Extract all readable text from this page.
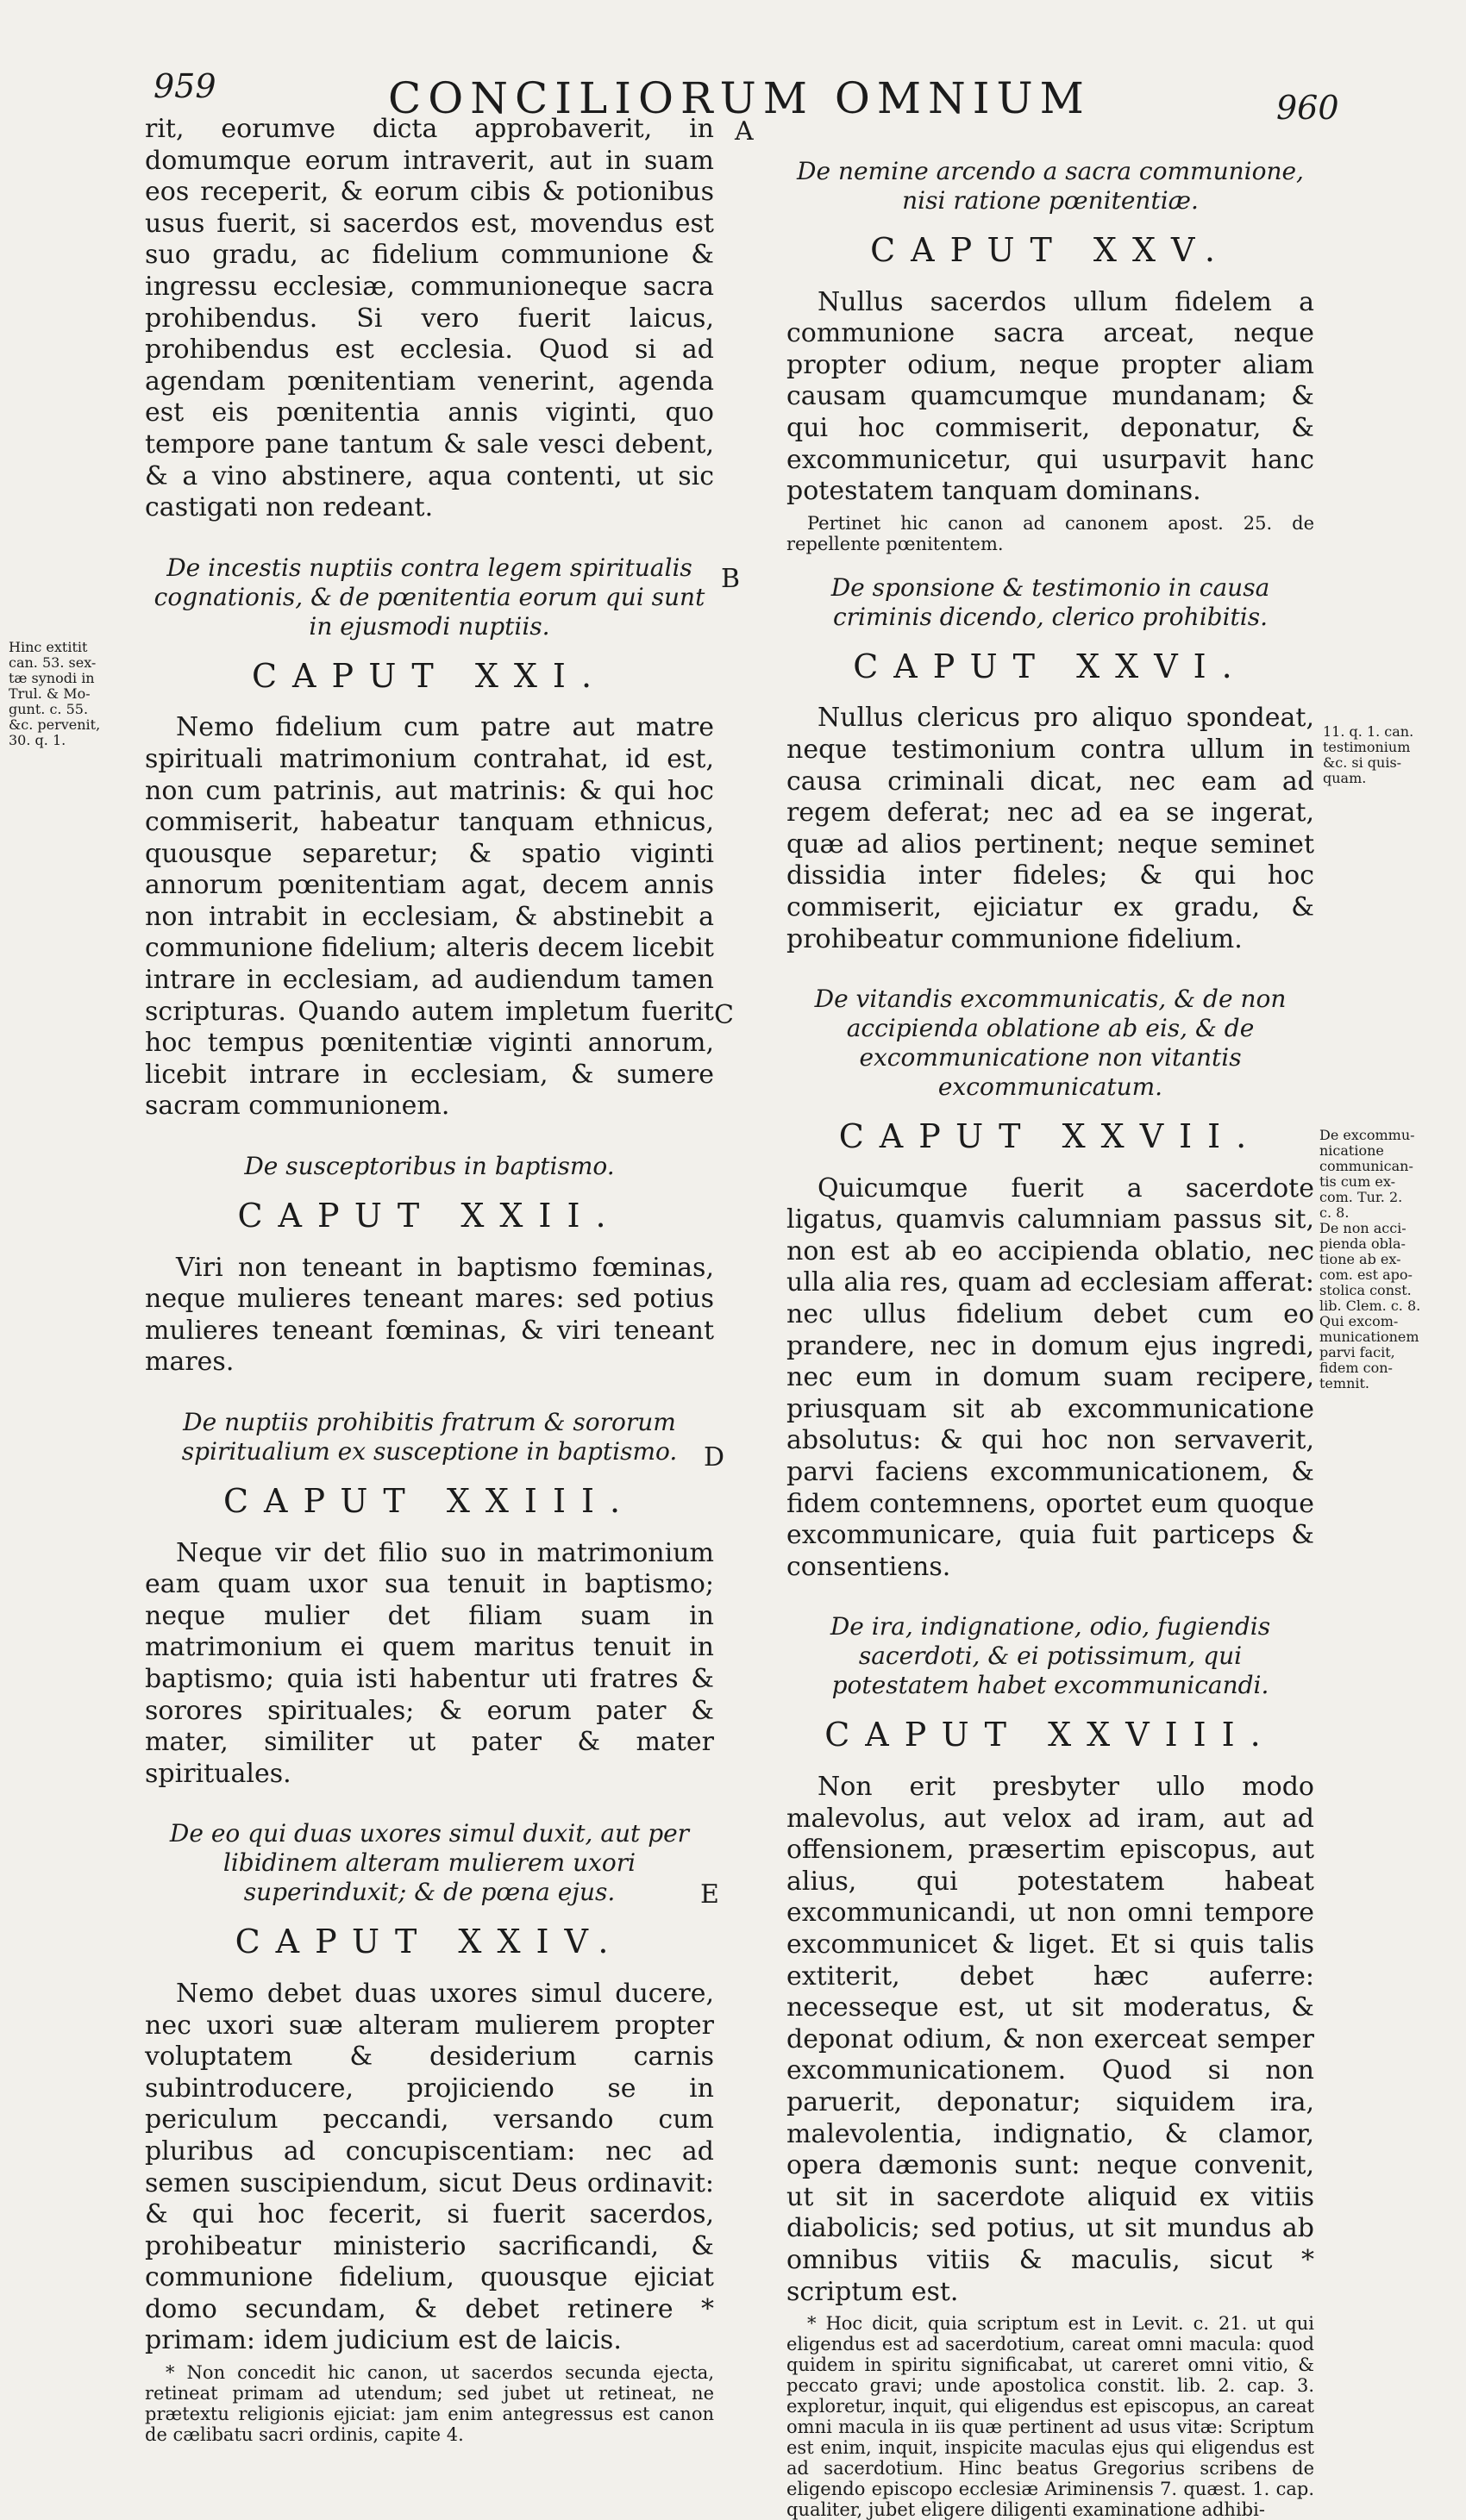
959	CONCILIORUM OMNIUM	960
A
B
C
D
E
Hinc extitit
can. 53. sex-
tæ synodi in
Trul. & Mo-
gunt. c. 55.
&c. pervenit,
30. q. 1.
11. q. 1. can.
testimonium
&c. si quis-
quam.
De excommu-
nicatione
communican-
tis cum ex-
com. Tur. 2.
c. 8.
De non acci-
pienda obla-
tione ab ex-
com. est apo-
stolica const.
lib. Clem. c. 8.
Qui excom-
municationem
parvi facit,
fidem con-
temnit.

rit, eorumve dicta approbaverit, in domumque eorum intraverit, aut in suam eos receperit, & eorum cibis & potionibus usus fuerit, si sacerdos est, movendus est suo gradu, ac fidelium communione & ingressu ecclesiæ, communioneque sacra prohibendus. Si vero fuerit laicus, prohibendus est ecclesia. Quod si ad agendam pœnitentiam venerint, agenda est eis pœnitentia annis viginti, quo tempore pane tantum & sale vesci debent, & a vino abstinere, aqua contenti, ut sic castigati non redeant.

De incestis nuptiis contra legem spiritualis cognationis, & de pœnitentia eorum qui sunt in ejusmodi nuptiis.

CAPUT XXI.

Nemo fidelium cum patre aut matre spirituali matrimonium contrahat, id est, non cum patrinis, aut matrinis: & qui hoc commiserit, habeatur tanquam ethnicus, quousque separetur; & spatio viginti annorum pœnitentiam agat, decem annis non intrabit in ecclesiam, & abstinebit a communione fidelium; alteris decem licebit intrare in ecclesiam, ad audiendum tamen scripturas. Quando autem impletum fuerit hoc tempus pœnitentiæ viginti annorum, licebit intrare in ecclesiam, & sumere sacram communionem.

De susceptoribus in baptismo.

CAPUT XXII.

Viri non teneant in baptismo fœminas, neque mulieres teneant mares: sed potius mulieres teneant fœminas, & viri teneant mares.

De nuptiis prohibitis fratrum & sororum spiritualium ex susceptione in baptismo.

CAPUT XXIII.

Neque vir det filio suo in matrimonium eam quam uxor sua tenuit in baptismo; neque mulier det filiam suam in matrimonium ei quem maritus tenuit in baptismo; quia isti habentur uti fratres & sorores spirituales; & eorum pater & mater, similiter ut pater & mater spirituales.

De eo qui duas uxores simul duxit, aut per libidinem alteram mulierem uxori superinduxit; & de pœna ejus.

CAPUT XXIV.

Nemo debet duas uxores simul ducere, nec uxori suæ alteram mulierem propter voluptatem & desiderium carnis subintroducere, projiciendo se in periculum peccandi, versando cum pluribus ad concupiscentiam: nec ad semen suscipiendum, sicut Deus ordinavit: & qui hoc fecerit, si fuerit sacerdos, prohibeatur ministerio sacrificandi, & communione fidelium, quousque ejiciat domo secundam, & debet retinere * primam: idem judicium est de laicis.

* Non concedit hic canon, ut sacerdos secunda ejecta, retineat primam ad utendum; sed jubet ut retineat, ne prætextu religionis ejiciat: jam enim antegressus est canon de cælibatu sacri ordinis, capite 4.

De nemine arcendo a sacra communione, nisi ratione pœnitentiæ.

CAPUT XXV.

Nullus sacerdos ullum fidelem a communione sacra arceat, neque propter odium, neque propter aliam causam quamcumque mundanam; & qui hoc commiserit, deponatur, & excommunicetur, qui usurpavit hanc potestatem tanquam dominans.

Pertinet hic canon ad canonem apost. 25. de repellente pœnitentem.

De sponsione & testimonio in causa criminis dicendo, clerico prohibitis.

CAPUT XXVI.

Nullus clericus pro aliquo spondeat, neque testimonium contra ullum in causa criminali dicat, nec eam ad regem deferat; nec ad ea se ingerat, quæ ad alios pertinent; neque seminet dissidia inter fideles; & qui hoc commiserit, ejiciatur ex gradu, & prohibeatur communione fidelium.

De vitandis excommunicatis, & de non accipienda oblatione ab eis, & de excommunicatione non vitantis excommunicatum.

CAPUT XXVII.

Quicumque fuerit a sacerdote ligatus, quamvis calumniam passus sit, non est ab eo accipienda oblatio, nec ulla alia res, quam ad ecclesiam afferat: nec ullus fidelium debet cum eo prandere, nec in domum ejus ingredi, nec eum in domum suam recipere, priusquam sit ab excommunicatione absolutus: & qui hoc non servaverit, parvi faciens excommunicationem, & fidem contemnens, oportet eum quoque excommunicare, quia fuit particeps & consentiens.

De ira, indignatione, odio, fugiendis sacerdoti, & ei potissimum, qui potestatem habet excommunicandi.

CAPUT XXVIII.

Non erit presbyter ullo modo malevolus, aut velox ad iram, aut ad offensionem, præsertim episcopus, aut alius, qui potestatem habeat excommunicandi, ut non omni tempore excommunicet & liget. Et si quis talis extiterit, debet hæc auferre: necesseque est, ut sit moderatus, & deponat odium, & non exerceat semper excommunicationem. Quod si non paruerit, deponatur; siquidem ira, malevolentia, indignatio, & clamor, opera dæmonis sunt: neque convenit, ut sit in sacerdote aliquid ex vitiis diabolicis; sed potius, ut sit mundus ab omnibus vitiis & maculis, sicut * scriptum est.

* Hoc dicit, quia scriptum est in Levit. c. 21. ut qui eligendus est ad sacerdotium, careat omni macula: quod quidem in spiritu significabat, ut careret omni vitio, & peccato gravi; unde apostolica constit. lib. 2. cap. 3. exploretur, inquit, qui eligendus est episcopus, an careat omni macula in iis quæ pertinent ad usus vitæ: Scriptum est enim, inquit, inspicite maculas ejus qui eligendus est ad sacerdotium. Hinc beatus Gregorius scribens de eligendo episcopo ecclesiæ Ariminensis 7. quæst. 1. cap. qualiter, jubet eligere diligenti examinatione adhibi-
